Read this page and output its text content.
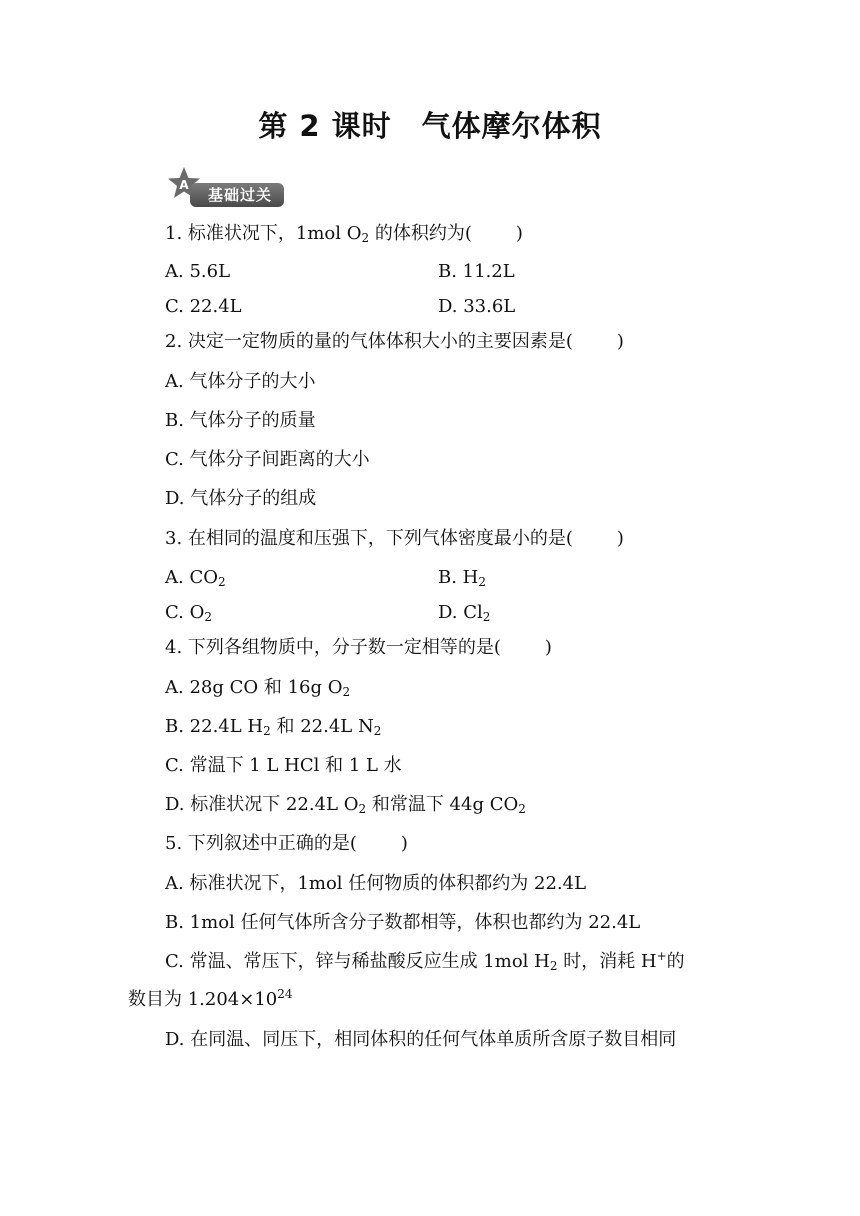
第 2 课时　气体摩尔体积
A
基础过关
1. 标准状况下，1mol $O_2$ 的体积约为( )
A. 5.6L	B. 11.2L
C. 22.4L	D. 33.6L
2. 决定一定物质的量的气体体积大小的主要因素是( )
A. 气体分子的大小
B. 气体分子的质量
C. 气体分子间距离的大小
D. 气体分子的组成
3. 在相同的温度和压强下，下列气体密度最小的是( )
A. $CO_2$	B. $H_2$
C. $O_2$	D. $Cl_2$
4. 下列各组物质中，分子数一定相等的是( )
A. 28g CO 和 16g $O_2$
B. 22.4L $H_2$ 和 22.4L $N_2$
C. 常温下 1 L HCl 和 1 L 水
D. 标准状况下 22.4L $O_2$ 和常温下 44g $CO_2$
5. 下列叙述中正确的是( )
A. 标准状况下，1mol 任何物质的体积都约为 22.4L
B. 1mol 任何气体所含分子数都相等，体积也都约为 22.4L
C. 常温、常压下，锌与稀盐酸反应生成 1mol $H_2$ 时，消耗 H+的
数目为 $1.204\times 10^{24}$
D. 在同温、同压下，相同体积的任何气体单质所含原子数目相同
